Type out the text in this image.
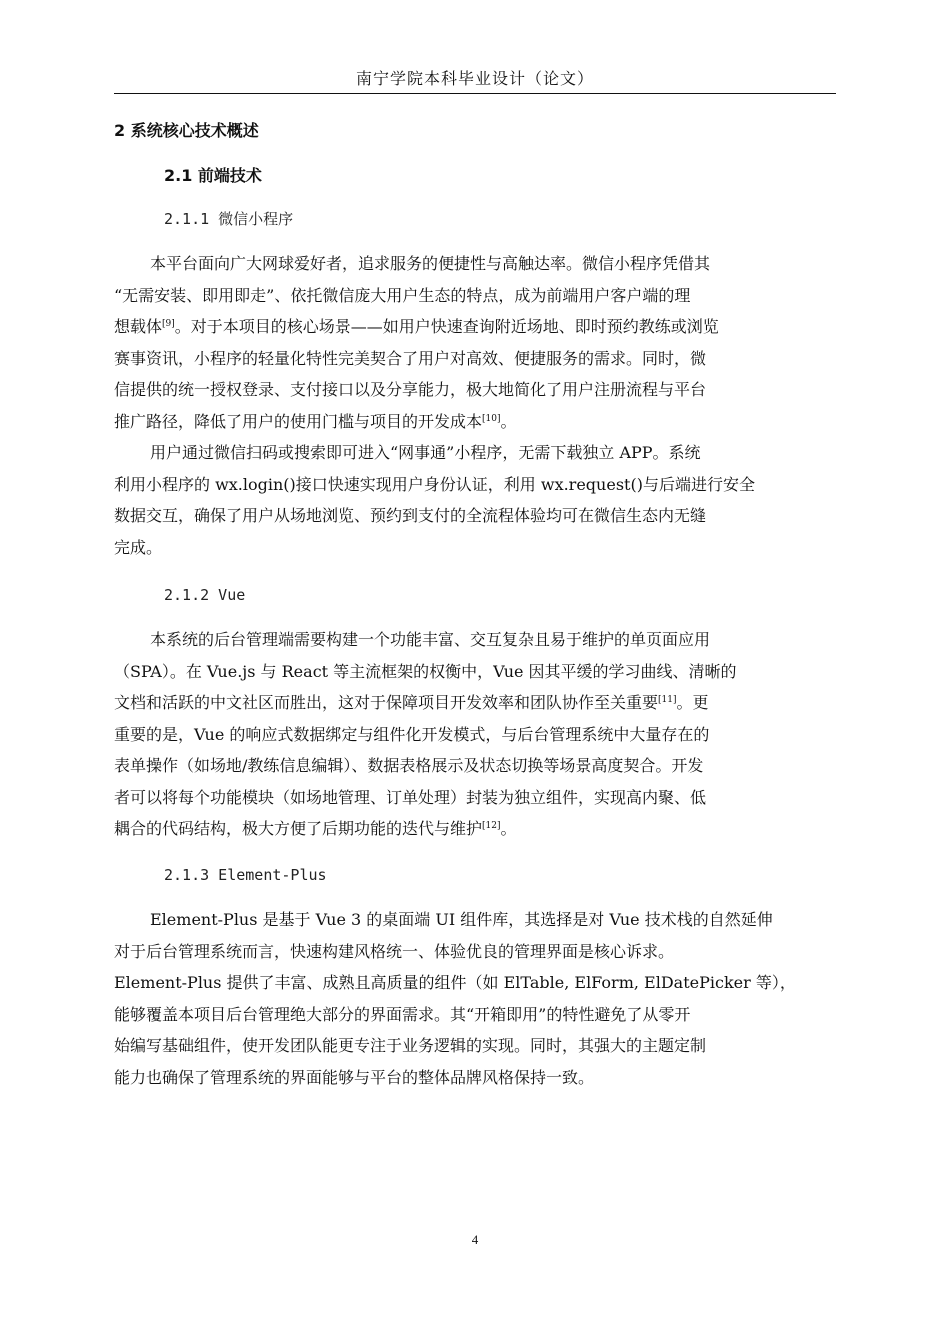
南宁学院本科毕业设计（论文）
2 系统核心技术概述
2.1 前端技术
2.1.1 微信小程序
本平台面向广大网球爱好者，追求服务的便捷性与高触达率。微信小程序凭借其
“无需安装、即用即走”、依托微信庞大用户生态的特点，成为前端用户客户端的理
想载体[9]。对于本项目的核心场景——如用户快速查询附近场地、即时预约教练或浏览
赛事资讯，小程序的轻量化特性完美契合了用户对高效、便捷服务的需求。同时，微
信提供的统一授权登录、支付接口以及分享能力，极大地简化了用户注册流程与平台
推广路径，降低了用户的使用门槛与项目的开发成本[10]。
用户通过微信扫码或搜索即可进入“网事通”小程序，无需下载独立 APP。系统
利用小程序的 wx.login()接口快速实现用户身份认证，利用 wx.request()与后端进行安全
数据交互，确保了用户从场地浏览、预约到支付的全流程体验均可在微信生态内无缝
完成。
2.1.2 Vue
本系统的后台管理端需要构建一个功能丰富、交互复杂且易于维护的单页面应用
（SPA）。在 Vue.js 与 React 等主流框架的权衡中，Vue 因其平缓的学习曲线、清晰的
文档和活跃的中文社区而胜出，这对于保障项目开发效率和团队协作至关重要[11]。更
重要的是，Vue 的响应式数据绑定与组件化开发模式，与后台管理系统中大量存在的
表单操作（如场地/教练信息编辑）、数据表格展示及状态切换等场景高度契合。开发
者可以将每个功能模块（如场地管理、订单处理）封装为独立组件，实现高内聚、低
耦合的代码结构，极大方便了后期功能的迭代与维护[12]。
2.1.3 Element-Plus
Element-Plus 是基于 Vue 3 的桌面端 UI 组件库，其选择是对 Vue 技术栈的自然延伸
对于后台管理系统而言，快速构建风格统一、体验优良的管理界面是核心诉求。
Element-Plus 提供了丰富、成熟且高质量的组件（如 ElTable, ElForm, ElDatePicker 等），
能够覆盖本项目后台管理绝大部分的界面需求。其“开箱即用”的特性避免了从零开
始编写基础组件，使开发团队能更专注于业务逻辑的实现。同时，其强大的主题定制
能力也确保了管理系统的界面能够与平台的整体品牌风格保持一致。
4
